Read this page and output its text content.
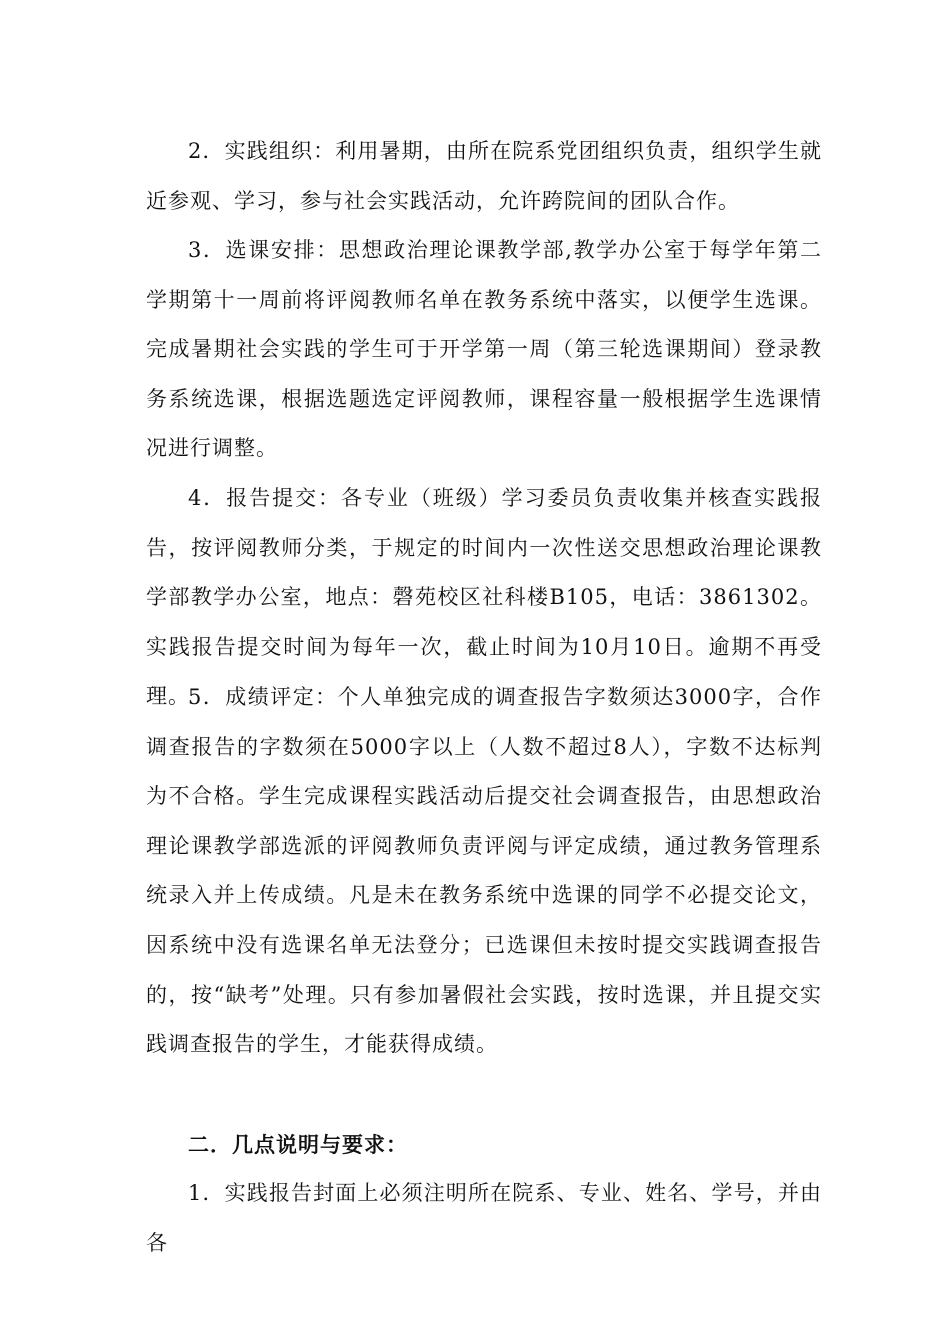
2．实践组织：利用暑期，由所在院系党团组织负责，组织学生就近参观、学习，参与社会实践活动，允许跨院间的团队合作。

3．选课安排：思想政治理论课教学部,教学办公室于每学年第二学期第十一周前将评阅教师名单在教务系统中落实，以便学生选课。完成暑期社会实践的学生可于开学第一周（第三轮选课期间）登录教务系统选课，根据选题选定评阅教师，课程容量一般根据学生选课情况进行调整。

4．报告提交：各专业（班级）学习委员负责收集并核查实践报告，按评阅教师分类，于规定的时间内一次性送交思想政治理论课教学部教学办公室，地点：磬苑校区社科楼B105，电话：3861302。实践报告提交时间为每年一次，截止时间为10月10日。逾期不再受理。

5．成绩评定：个人单独完成的调查报告字数须达3000字，合作调查报告的字数须在5000字以上（人数不超过8人），字数不达标判为不合格。学生完成课程实践活动后提交社会调查报告，由思想政治理论课教学部选派的评阅教师负责评阅与评定成绩，通过教务管理系统录入并上传成绩。凡是未在教务系统中选课的同学不必提交论文，因系统中没有选课名单无法登分；已选课但未按时提交实践调查报告的，按“缺考”处理。只有参加暑假社会实践，按时选课，并且提交实践调查报告的学生，才能获得成绩。

二．几点说明与要求：

1．实践报告封面上必须注明所在院系、专业、姓名、学号，并由各
